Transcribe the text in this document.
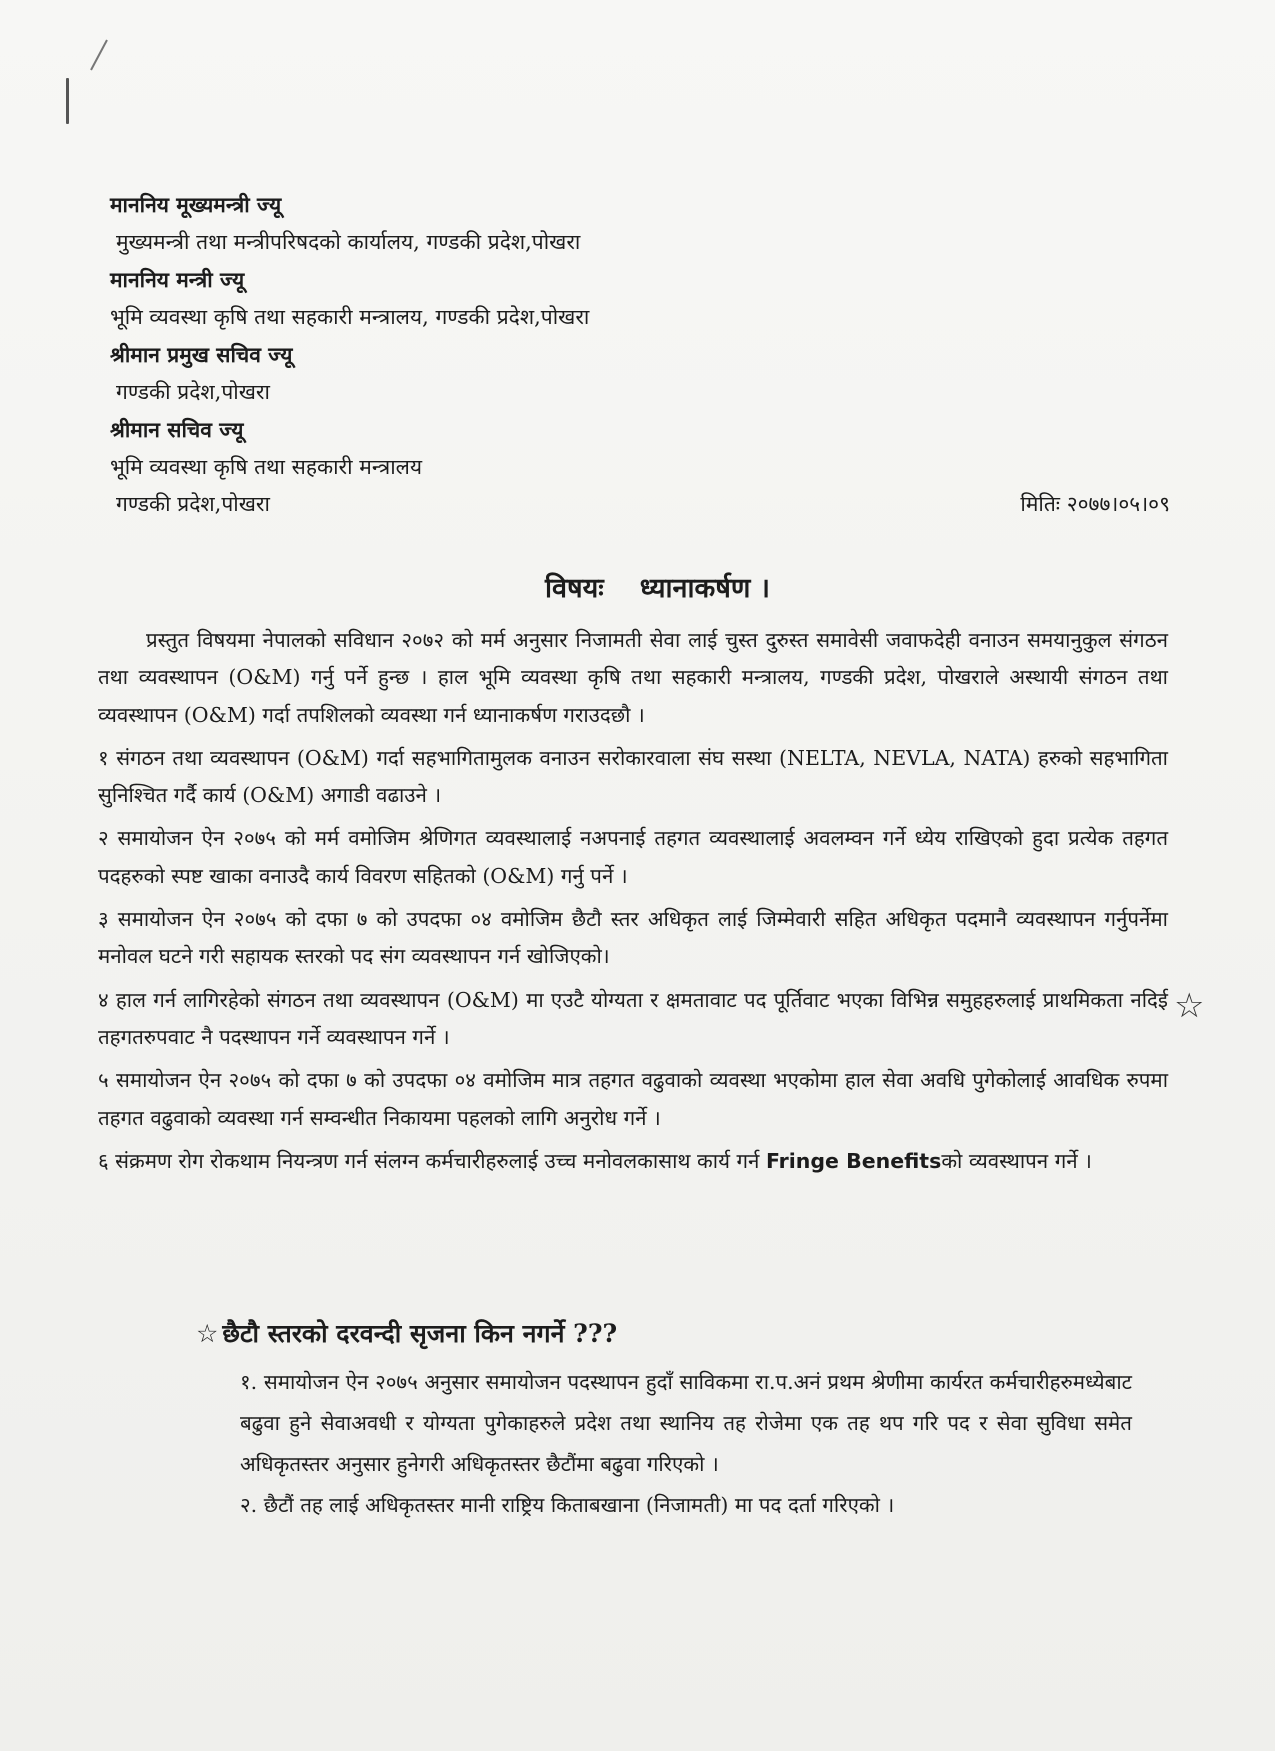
माननिय मूख्यमन्त्री ज्यू
मुख्यमन्त्री तथा मन्त्रीपरिषदको कार्यालय, गण्डकी प्रदेश,पोखरा
माननिय मन्त्री ज्यू
भूमि व्यवस्था कृषि तथा सहकारी मन्त्रालय, गण्डकी प्रदेश,पोखरा
श्रीमान प्रमुख सचिव ज्यू
गण्डकी प्रदेश,पोखरा
श्रीमान सचिव ज्यू
भूमि व्यवस्था कृषि तथा सहकारी मन्त्रालय
गण्डकी प्रदेश,पोखरा	मितिः २०७७।०५।०९
विषयः ध्यानाकर्षण ।

प्रस्तुत विषयमा नेपालको सविधान २०७२ को मर्म अनुसार निजामती सेवा लाई चुस्त दुरुस्त समावेसी जवाफदेही वनाउन समयानुकुल संगठन तथा व्यवस्थापन (O&M) गर्नु पर्ने हुन्छ । हाल भूमि व्यवस्था कृषि तथा सहकारी मन्त्रालय, गण्डकी प्रदेश, पोखराले अस्थायी संगठन तथा व्यवस्थापन (O&M) गर्दा तपशिलको व्यवस्था गर्न ध्यानाकर्षण गराउदछौ ।

१ संगठन तथा व्यवस्थापन (O&M) गर्दा सहभागितामुलक वनाउन सरोकारवाला संघ सस्था (NELTA, NEVLA, NATA) हरुको सहभागिता सुनिश्चित गर्दै कार्य (O&M) अगाडी वढाउने ।

२ समायोजन ऐन २०७५ को मर्म वमोजिम श्रेणिगत व्यवस्थालाई नअपनाई तहगत व्यवस्थालाई अवलम्वन गर्ने ध्येय राखिएको हुदा प्रत्येक तहगत पदहरुको स्पष्ट खाका वनाउदै कार्य विवरण सहितको (O&M) गर्नु पर्ने ।

३ समायोजन ऐन २०७५ को दफा ७ को उपदफा ०४ वमोजिम छैटौ स्तर अधिकृत लाई जिम्मेवारी सहित अधिकृत पदमानै व्यवस्थापन गर्नुपर्नेमा मनोवल घटने गरी सहायक स्तरको पद संग व्यवस्थापन गर्न खोजिएको।

४ हाल गर्न लागिरहेको संगठन तथा व्यवस्थापन (O&M) मा एउटै योग्यता र क्षमतावाट पद पूर्तिवाट भएका विभिन्न समुहहरुलाई प्राथमिकता नदिई तहगतरुपवाट नै पदस्थापन गर्ने व्यवस्थापन गर्ने ।

५ समायोजन ऐन २०७५ को दफा ७ को उपदफा ०४ वमोजिम मात्र तहगत वढुवाको व्यवस्था भएकोमा हाल सेवा अवधि पुगेकोलाई आवधिक रुपमा तहगत वढुवाको व्यवस्था गर्न सम्वन्धीत निकायमा पहलको लागि अनुरोध गर्ने ।

६ संक्रमण रोग रोकथाम नियन्त्रण गर्न संलग्न कर्मचारीहरुलाई उच्च मनोवलकासाथ कार्य गर्न Fringe Benefitsको व्यवस्थापन गर्ने ।

☆
☆ छैटौ स्तरको दरवन्दी सृजना किन नगर्ने ???

१. समायोजन ऐन २०७५ अनुसार समायोजन पदस्थापन हुदाँ साविकमा रा.प.अनं प्रथम श्रेणीमा कार्यरत कर्मचारीहरुमध्येबाट बढुवा हुने सेवाअवधी र योग्यता पुगेकाहरुले प्रदेश तथा स्थानिय तह रोजेमा एक तह थप गरि पद र सेवा सुविधा समेत अधिकृतस्तर अनुसार हुनेगरी अधिकृतस्तर छैटौंमा बढुवा गरिएको ।

२. छैटौं तह लाई अधिकृतस्तर मानी राष्ट्रिय किताबखाना (निजामती) मा पद दर्ता गरिएको ।
